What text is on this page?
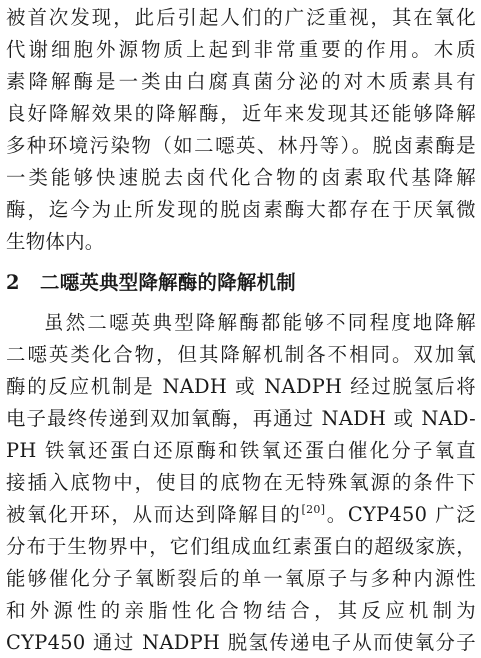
被首次发现，此后引起人们的广泛重视，其在氧化
代谢细胞外源物质上起到非常重要的作用。木质
素降解酶是一类由白腐真菌分泌的对木质素具有
良好降解效果的降解酶，近年来发现其还能够降解
多种环境污染物（如二噁英、林丹等）。脱卤素酶是
一类能够快速脱去卤代化合物的卤素取代基降解
酶，迄今为止所发现的脱卤素酶大都存在于厌氧微
生物体内。
2 二噁英典型降解酶的降解机制
虽然二噁英典型降解酶都能够不同程度地降解
二噁英类化合物，但其降解机制各不相同。双加氧
酶的反应机制是 NADH 或 NADPH 经过脱氢后将
电子最终传递到双加氧酶，再通过 NADH 或 NAD-
PH 铁氧还蛋白还原酶和铁氧还蛋白催化分子氧直
接插入底物中，使目的底物在无特殊氧源的条件下
被氧化开环，从而达到降解目的[20]。CYP450 广泛
分布于生物界中，它们组成血红素蛋白的超级家族，
能够催化分子氧断裂后的单一氧原子与多种内源性
和外源性的亲脂性化合物结合，其反应机制为
CYP450 通过 NADPH 脱氢传递电子从而使氧分子
